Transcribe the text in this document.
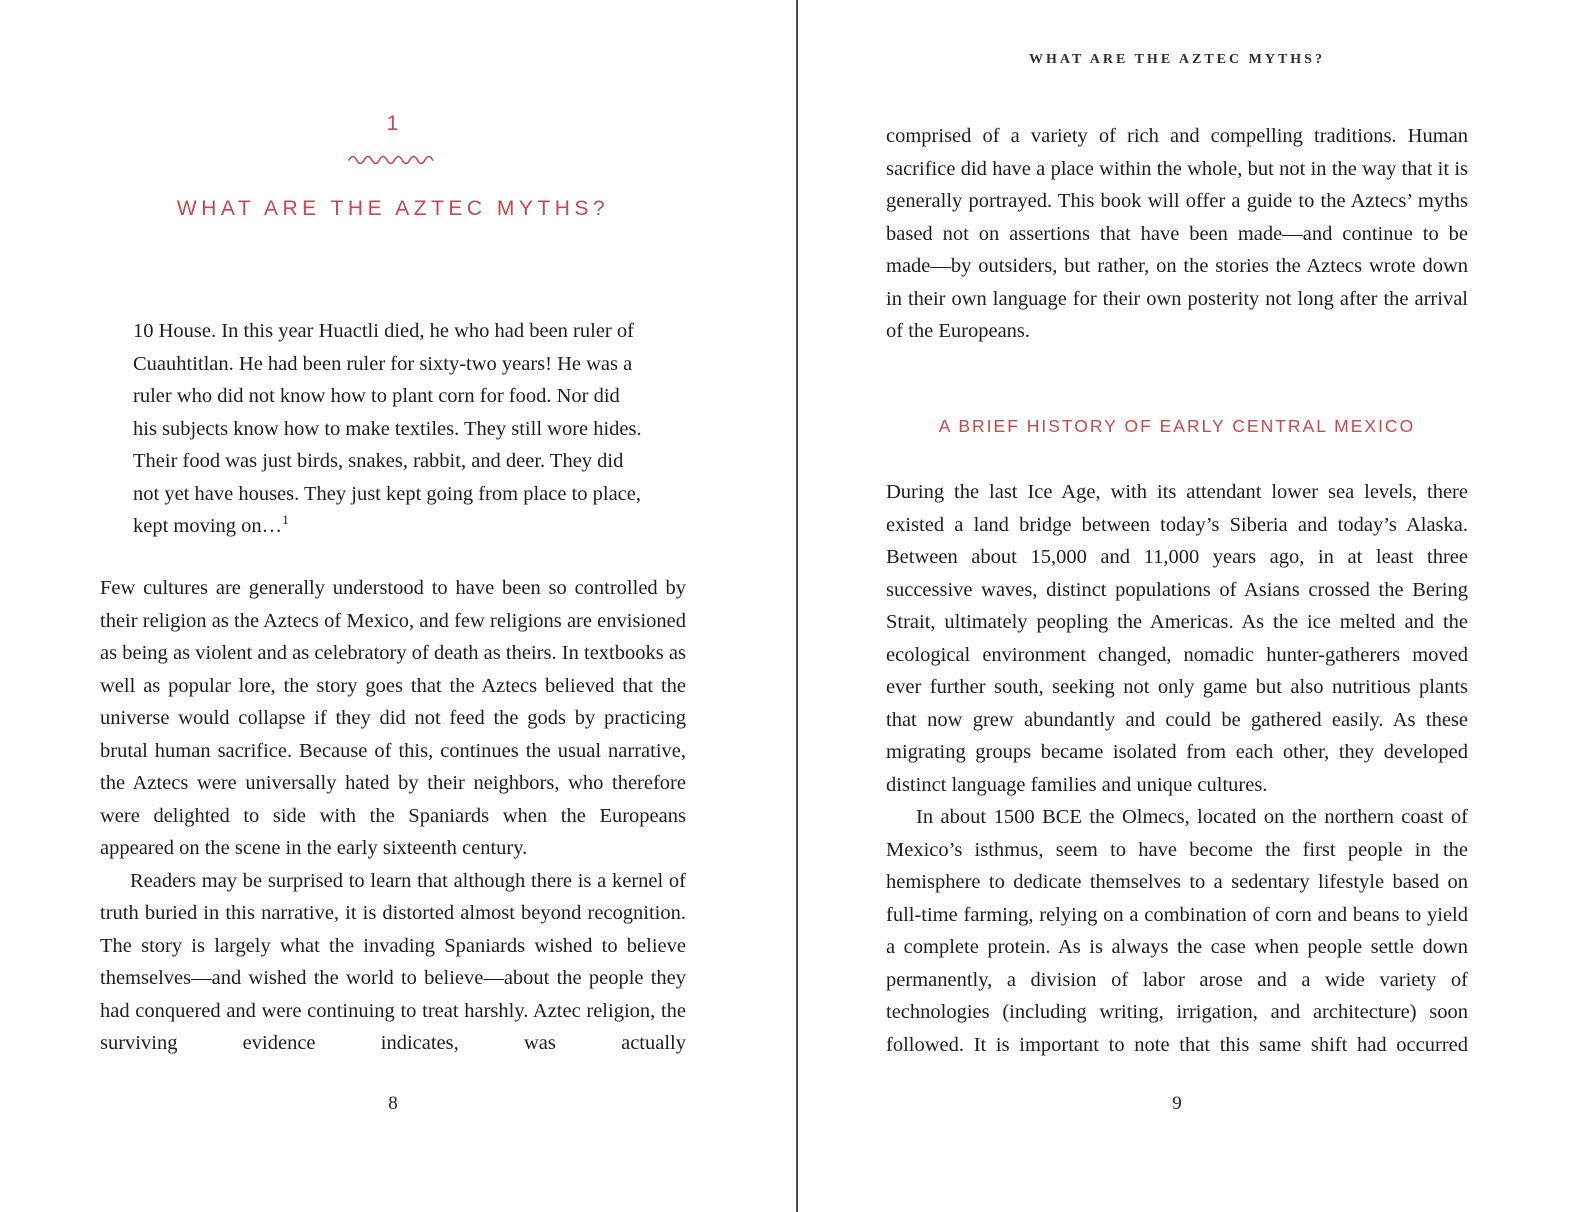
1
WHAT ARE THE AZTEC MYTHS?
10 House. In this year Huactli died, he who had been ruler of Cuauhtitlan. He had been ruler for sixty-two years! He was a ruler who did not know how to plant corn for food. Nor did his subjects know how to make textiles. They still wore hides. Their food was just birds, snakes, rabbit, and deer. They did not yet have houses. They just kept going from place to place, kept moving on…$^1$

Few cultures are generally understood to have been so controlled by their religion as the Aztecs of Mexico, and few religions are envisioned as being as violent and as celebratory of death as theirs. In textbooks as well as popular lore, the story goes that the Aztecs believed that the universe would collapse if they did not feed the gods by practicing brutal human sacrifice. Because of this, continues the usual narrative, the Aztecs were universally hated by their neighbors, who therefore were delighted to side with the Spaniards when the Europeans appeared on the scene in the early sixteenth century.

Readers may be surprised to learn that although there is a kernel of truth buried in this narrative, it is distorted almost beyond recognition. The story is largely what the invading Spaniards wished to believe themselves—and wished the world to believe—about the people they had conquered and were continuing to treat harshly. Aztec religion, the surviving evidence indicates, was actually

8
WHAT ARE THE AZTEC MYTHS?

comprised of a variety of rich and compelling traditions. Human sacrifice did have a place within the whole, but not in the way that it is generally portrayed. This book will offer a guide to the Aztecs’ myths based not on assertions that have been made—and continue to be made—by outsiders, but rather, on the stories the Aztecs wrote down in their own language for their own posterity not long after the arrival of the Europeans.

A BRIEF HISTORY OF EARLY CENTRAL MEXICO

During the last Ice Age, with its attendant lower sea levels, there existed a land bridge between today’s Siberia and today’s Alaska. Between about 15,000 and 11,000 years ago, in at least three successive waves, distinct populations of Asians crossed the Bering Strait, ultimately peopling the Americas. As the ice melted and the ecological environment changed, nomadic hunter-gatherers moved ever further south, seeking not only game but also nutritious plants that now grew abundantly and could be gathered easily. As these migrating groups became isolated from each other, they developed distinct language families and unique cultures.

In about 1500 BCE the Olmecs, located on the northern coast of Mexico’s isthmus, seem to have become the first people in the hemisphere to dedicate themselves to a sedentary lifestyle based on full-time farming, relying on a combination of corn and beans to yield a complete protein. As is always the case when people settle down permanently, a division of labor arose and a wide variety of technologies (including writing, irrigation, and architecture) soon followed. It is important to note that this same shift had occurred

9
